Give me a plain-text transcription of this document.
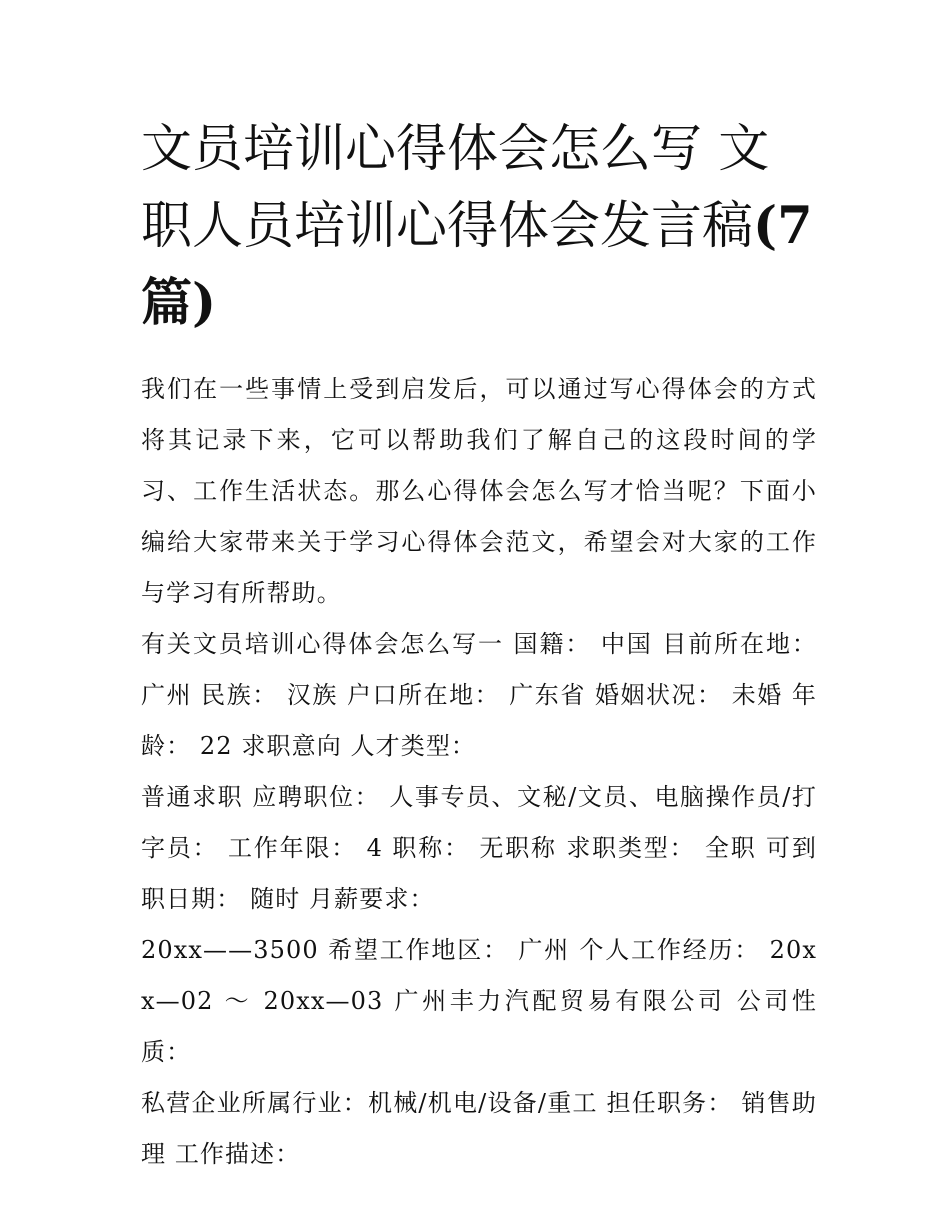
文员培训心得体会怎么写 文职人员培训心得体会发言稿(7篇)

我们在一些事情上受到启发后，可以通过写心得体会的方式将其记录下来，它可以帮助我们了解自己的这段时间的学习、工作生活状态。那么心得体会怎么写才恰当呢？下面小编给大家带来关于学习心得体会范文，希望会对大家的工作与学习有所帮助。

有关文员培训心得体会怎么写一 国籍： 中国 目前所在地： 广州 民族： 汉族 户口所在地： 广东省 婚姻状况： 未婚 年龄： 22 求职意向 人才类型：

普通求职 应聘职位： 人事专员、文秘/文员、电脑操作员/打字员： 工作年限： 4 职称： 无职称 求职类型： 全职 可到职日期： 随时 月薪要求：

20xx——3500 希望工作地区： 广州 个人工作经历： 20xx—02 ～ 20xx—03 广州丰力汽配贸易有限公司 公司性质：

私营企业所属行业：机械/机电/设备/重工 担任职务： 销售助理 工作描述：
